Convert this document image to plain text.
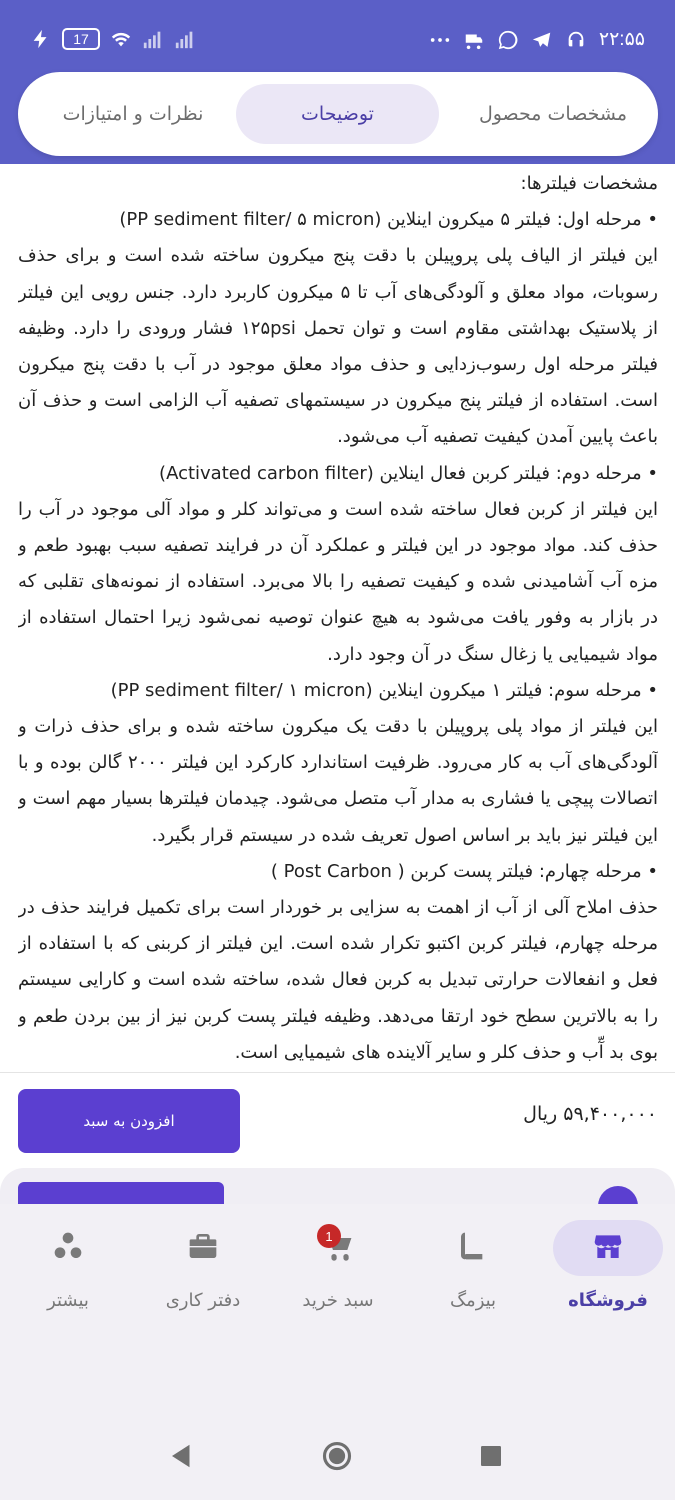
17	۲۲:۵۵
مشخصات محصول
توضیحات
نظرات و امتیازات

مشخصات فیلترها:

• مرحله اول: فیلتر ۵ میکرون اینلاین (PP sediment filter/ ۵ micron)

این فیلتر از الیاف پلی پروپیلن با دقت پنج میکرون ساخته شده است و برای حذف رسوبات، مواد معلق و آلودگی‌های آب تا ۵ میکرون کاربرد دارد. جنس رویی این فیلتر از پلاستیک بهداشتی مقاوم است و توان تحمل ۱۲۵psi فشار ورودی را دارد. وظیفه فیلتر مرحله اول رسوب‌زدایی و حذف مواد معلق موجود در آب با دقت پنج میکرون است. استفاده از فیلتر پنج میکرون در سیستمهای تصفیه آب الزامی است و حذف آن باعث پایین آمدن کیفیت تصفیه آب می‌شود.

• مرحله دوم: فیلتر کربن فعال اینلاین (Activated carbon filter)

این فیلتر از کربن فعال ساخته شده است و می‌تواند کلر و مواد آلی موجود در آب را حذف کند. مواد موجود در این فیلتر و عملکرد آن در فرایند تصفیه سبب بهبود طعم و مزه آب آشامیدنی شده و کیفیت تصفیه را بالا می‌برد. استفاده از نمونه‌های تقلبی که در بازار به وفور یافت می‌شود به هیچ عنوان توصیه نمی‌شود زیرا احتمال استفاده از مواد شیمیایی یا زغال سنگ در آن وجود دارد.

• مرحله سوم: فیلتر ۱ میکرون اینلاین (PP sediment filter/ ۱ micron)

این فیلتر از مواد پلی پروپیلن با دقت یک میکرون ساخته شده و برای حذف ذرات و آلودگی‌های آب به کار می‌رود. ظرفیت استاندارد کارکرد این فیلتر ۲۰۰۰ گالن بوده و با اتصالات پیچی یا فشاری به مدار آب متصل می‌شود. چیدمان فیلترها بسیار مهم است و این فیلتر نیز باید بر اساس اصول تعریف شده در سیستم قرار بگیرد.

• مرحله چهارم: فیلتر پست کربن ( Post Carbon )

حذف املاح آلی از آب از اهمت به سزایی بر خوردار است برای تکمیل فرایند حذف در مرحله چهارم، فیلتر کربن اکتبو تکرار شده است. این فیلتر از کربنی که با استفاده از فعل و انفعالات حرارتی تبدیل به کربن فعال شده، ساخته شده است و کارایی سیستم را به بالاترین سطح خود ارتقا می‌دهد. وظیفه فیلتر پست کربن نیز از بین بردن طعم و بوی بد آّب و حذف کلر و سایر آلاینده های شیمیایی است.

افزودن به سبد	۵۹,۴۰۰,۰۰۰ ریال
فروشگاه
بیزمگ
1
سبد خرید
دفتر کاری
بیشتر
